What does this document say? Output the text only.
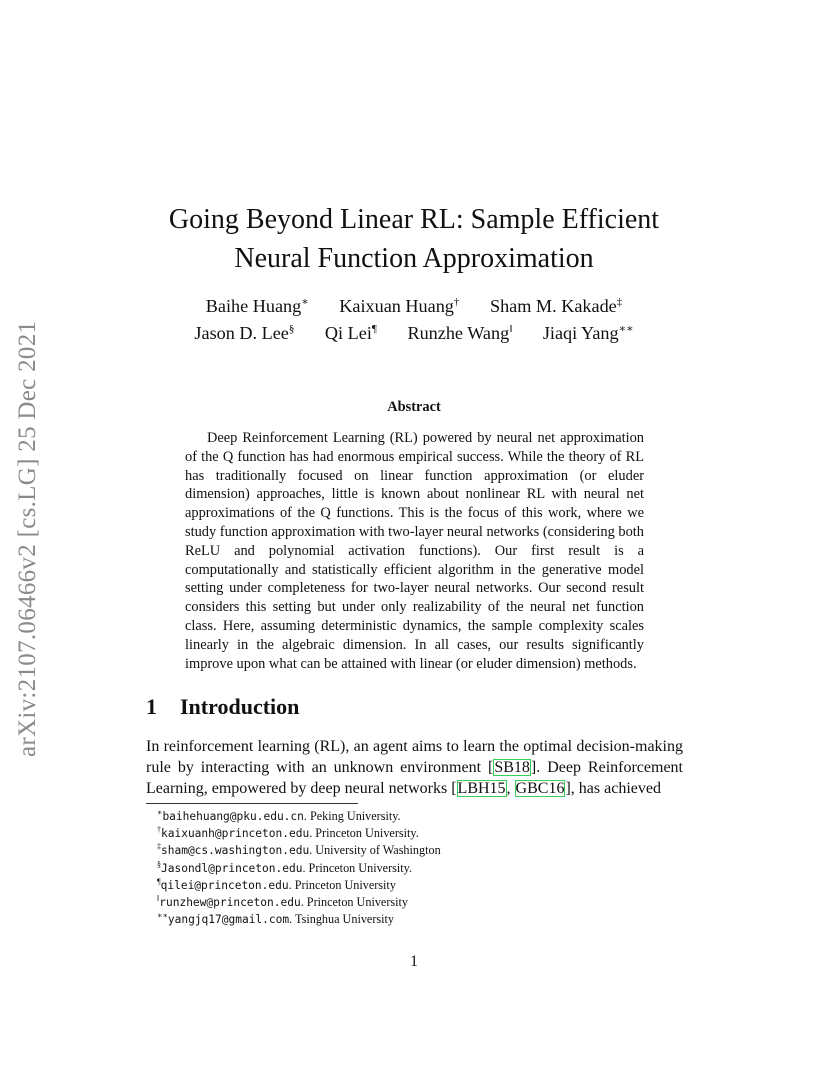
arXiv:2107.06466v2 [cs.LG] 25 Dec 2021
Going Beyond Linear RL: Sample Efficient
Neural Function Approximation
Baihe Huang∗ Kaixuan Huang† Sham M. Kakade‡
Jason D. Lee§ Qi Lei¶ Runzhe Wang‖ Jiaqi Yang∗∗
Abstract

Deep Reinforcement Learning (RL) powered by neural net approximation of the Q function has had enormous empirical success. While the theory of RL has traditionally focused on linear function approximation (or eluder dimension) approaches, little is known about nonlinear RL with neural net approximations of the Q functions. This is the focus of this work, where we study function approximation with two-layer neural networks (considering both ReLU and polynomial activation functions). Our first result is a computationally and statistically efficient algorithm in the generative model setting under completeness for two-layer neural networks. Our second result considers this setting but under only realizability of the neural net function class. Here, assuming deterministic dynamics, the sample complexity scales linearly in the algebraic dimension. In all cases, our results significantly improve upon what can be attained with linear (or eluder dimension) methods.

1 Introduction

In reinforcement learning (RL), an agent aims to learn the optimal decision-making rule by interacting with an unknown environment [SB18]. Deep Reinforcement Learning, empowered by deep neural networks [LBH15, GBC16], has achieved

∗baihehuang@pku.edu.cn. Peking University.
†kaixuanh@princeton.edu. Princeton University.
‡sham@cs.washington.edu. University of Washington
§Jasondl@princeton.edu. Princeton University.
¶qilei@princeton.edu. Princeton University
‖runzhew@princeton.edu. Princeton University
∗∗yangjq17@gmail.com. Tsinghua University
1
